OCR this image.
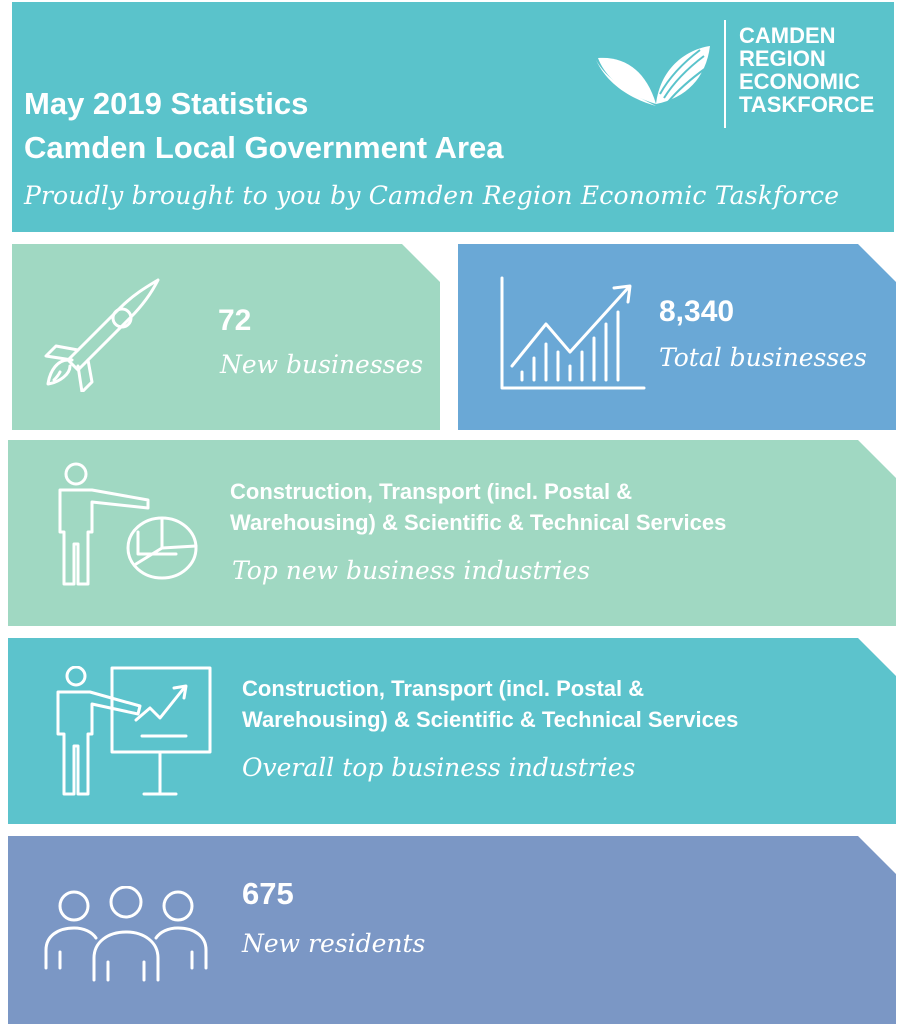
May 2019 Statistics
Camden Local Government Area
Proudly brought to you by Camden Region Economic Taskforce
CAMDEN
REGION
ECONOMIC
TASKFORCE
72
New businesses
8,340
Total businesses
Construction, Transport (incl. Postal &
Warehousing) & Scientific & Technical Services
Top new business industries
Construction, Transport (incl. Postal &
Warehousing) & Scientific & Technical Services
Overall top business industries
675
New residents
